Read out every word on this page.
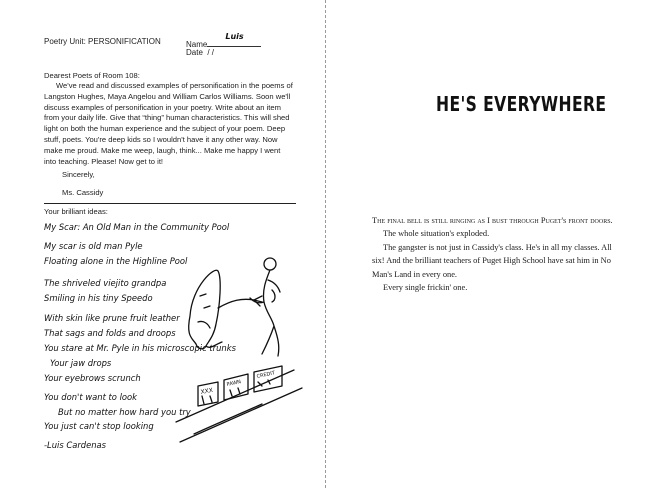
Poetry Unit: PERSONIFICATION	Name
Luis
Date / /
Dearest Poets of Room 108:

We've read and discussed examples of personification in the poems of Langston Hughes, Maya Angelou and William Carlos Williams. Soon we'll discuss examples of personification in your poetry. Write about an item from your daily life. Give that “thing” human characteristics. This will shed light on both the human experience and the subject of your poem. Deep stuff, poets. You're deep kids so I wouldn't have it any other way. Now make me proud. Make me weep, laugh, think... Make me happy I went into teaching. Please! Now get to it!

Sincerely,
Ms. Cassidy
Your brilliant ideas:
My Scar: An Old Man in the Community Pool
My scar is old man Pyle
Floating alone in the Highline Pool
The shriveled viejito grandpa
Smiling in his tiny Speedo
With skin like prune fruit leather
That sags and folds and droops
You stare at Mr. Pyle in his microscopic trunks
Your jaw drops
Your eyebrows scrunch
You don't want to look
But no matter how hard you try
You just can't stop looking
-Luis Cardenas
XXX
PAWN
CREDIT
HE'S EVERYWHERE

The final bell is still ringing as I bust through Puget's front doors.

The whole situation's exploded.

The gangster is not just in Cassidy's class. He's in all my classes. All six! And the brilliant teachers of Puget High School have sat him in No Man's Land in every one.

Every single frickin' one.
